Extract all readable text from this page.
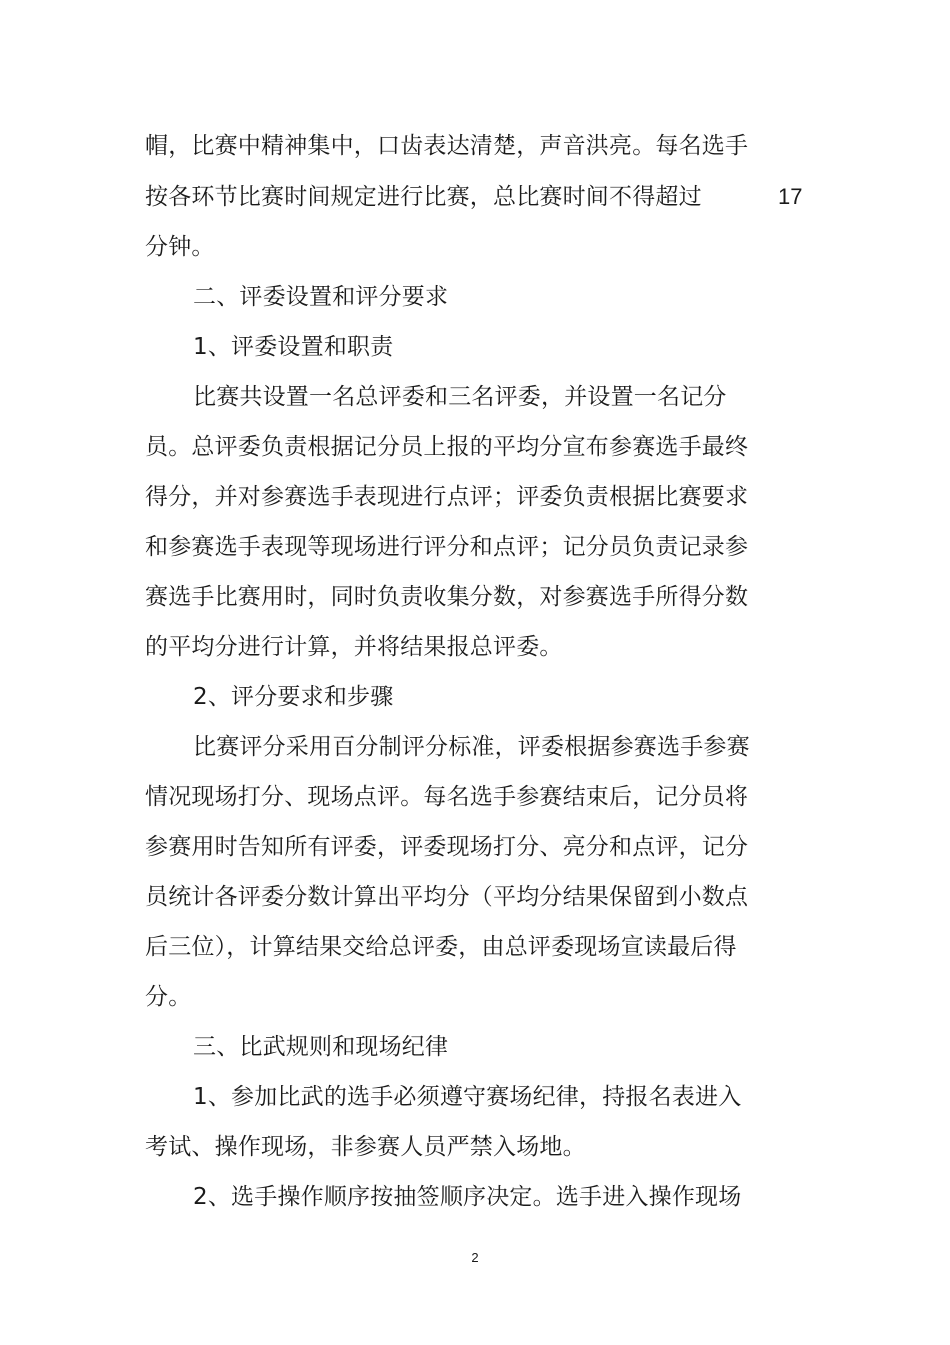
帽，比赛中精神集中，口齿表达清楚，声音洪亮。每名选手
按各环节比赛时间规定进行比赛，总比赛时间不得超过	17
分钟。
二、评委设置和评分要求
1、评委设置和职责
比赛共设置一名总评委和三名评委，并设置一名记分
员。总评委负责根据记分员上报的平均分宣布参赛选手最终
得分，并对参赛选手表现进行点评；评委负责根据比赛要求
和参赛选手表现等现场进行评分和点评；记分员负责记录参
赛选手比赛用时，同时负责收集分数，对参赛选手所得分数
的平均分进行计算，并将结果报总评委。
2、评分要求和步骤
比赛评分采用百分制评分标准，评委根据参赛选手参赛
情况现场打分、现场点评。每名选手参赛结束后，记分员将
参赛用时告知所有评委，评委现场打分、亮分和点评，记分
员统计各评委分数计算出平均分（平均分结果保留到小数点
后三位），计算结果交给总评委，由总评委现场宣读最后得
分。
三、比武规则和现场纪律
1、参加比武的选手必须遵守赛场纪律，持报名表进入
考试、操作现场，非参赛人员严禁入场地。
2、选手操作顺序按抽签顺序决定。选手进入操作现场
2
